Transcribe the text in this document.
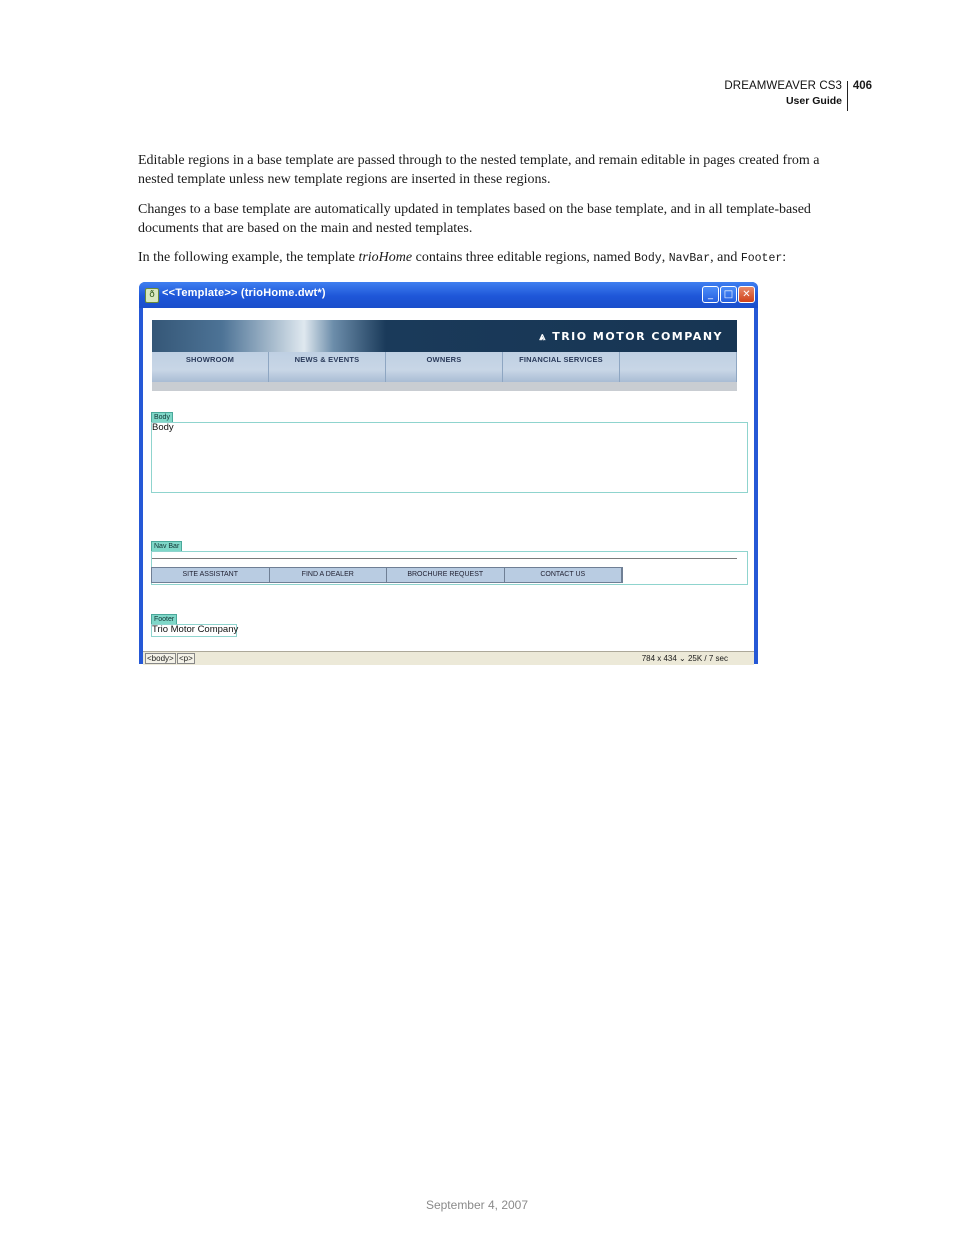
DREAMWEAVER CS3
User Guide
406

Editable regions in a base template are passed through to the nested template, and remain editable in pages created from a nested template unless new template regions are inserted in these regions.

Changes to a base template are automatically updated in templates based on the base template, and in all template-based documents that are based on the main and nested templates.

In the following example, the template trioHome contains three editable regions, named Body, NavBar, and Footer:

ð <<Template>> (trioHome.dwt*)	_	□ ✕
⩓ TRIO MOTOR COMPANY
SHOWROOM	NEWS & EVENTS	OWNERS	FINANCIAL SERVICES
Body
Body
Nav Bar
SITE ASSISTANT	FIND A DEALER	BROCHURE REQUEST	CONTACT US
Footer
Trio Motor Company
<body> <p>	784 x 434 ⌄ 25K / 7 sec
September 4, 2007
